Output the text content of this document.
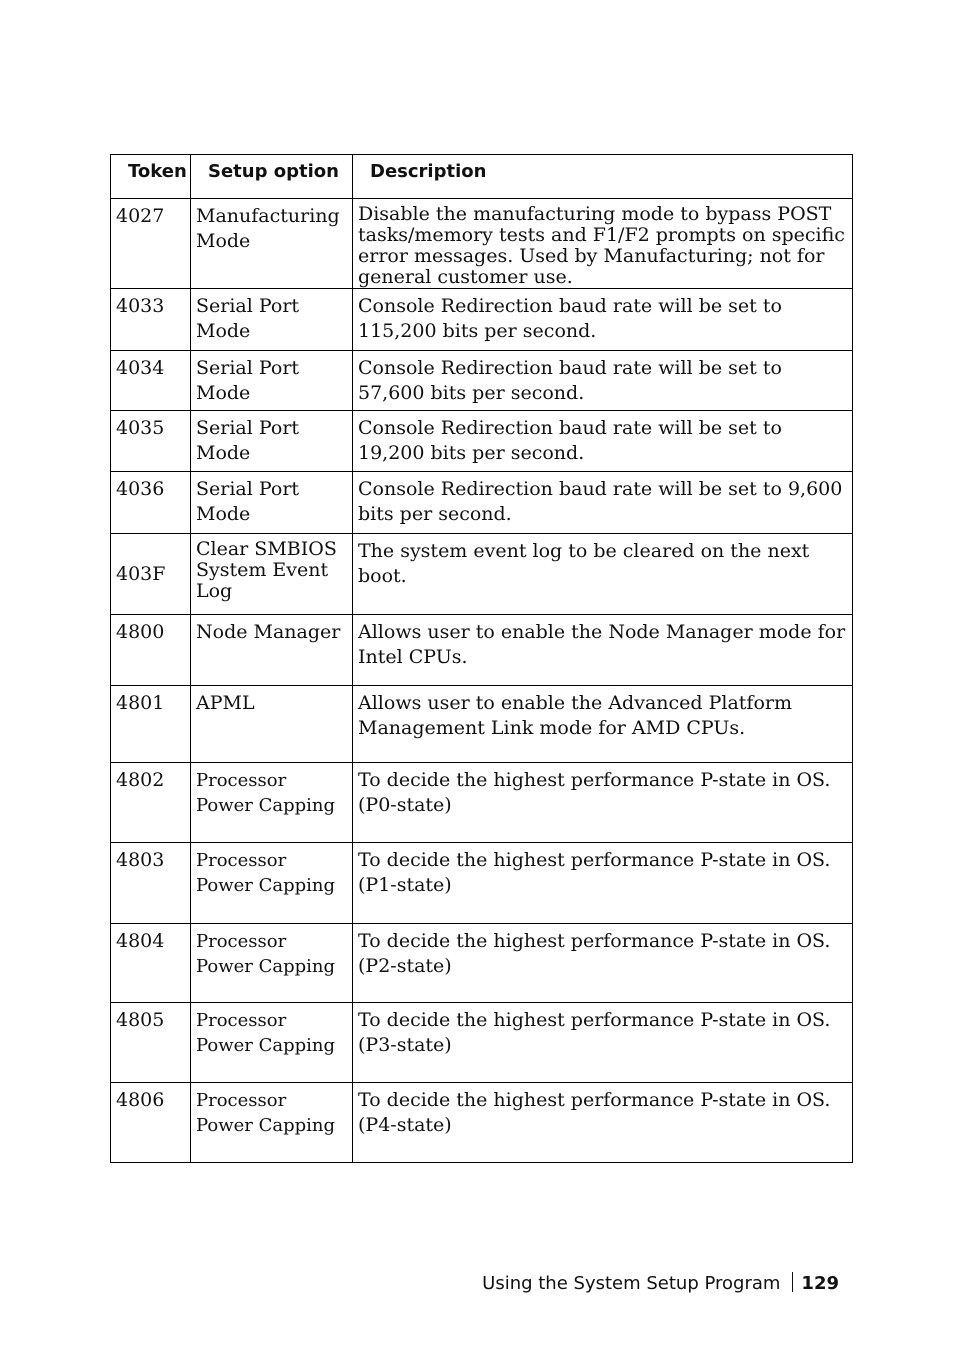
Token	Setup option	Description
4027	Manufacturing Mode	Disable the manufacturing mode to bypass POST tasks/memory tests and F1/F2 prompts on specific error messages. Used by Manufacturing; not for general customer use.
4033	Serial Port Mode	Console Redirection baud rate will be set to 115,200 bits per second.
4034	Serial Port Mode	Console Redirection baud rate will be set to 57,600 bits per second.
4035	Serial Port Mode	Console Redirection baud rate will be set to 19,200 bits per second.
4036	Serial Port Mode	Console Redirection baud rate will be set to 9,600 bits per second.
403F	Clear SMBIOS System Event Log	The system event log to be cleared on the next boot.
4800	Node Manager	Allows user to enable the Node Manager mode for Intel CPUs.
4801	APML	Allows user to enable the Advanced Platform Management Link mode for AMD CPUs.
4802	Processor Power Capping	To decide the highest performance P-state in OS. (P0-state)
4803	Processor Power Capping	To decide the highest performance P-state in OS. (P1-state)
4804	Processor Power Capping	To decide the highest performance P-state in OS. (P2-state)
4805	Processor Power Capping	To decide the highest performance P-state in OS. (P3-state)
4806	Processor Power Capping	To decide the highest performance P-state in OS. (P4-state)
Using the System Setup Program 129
